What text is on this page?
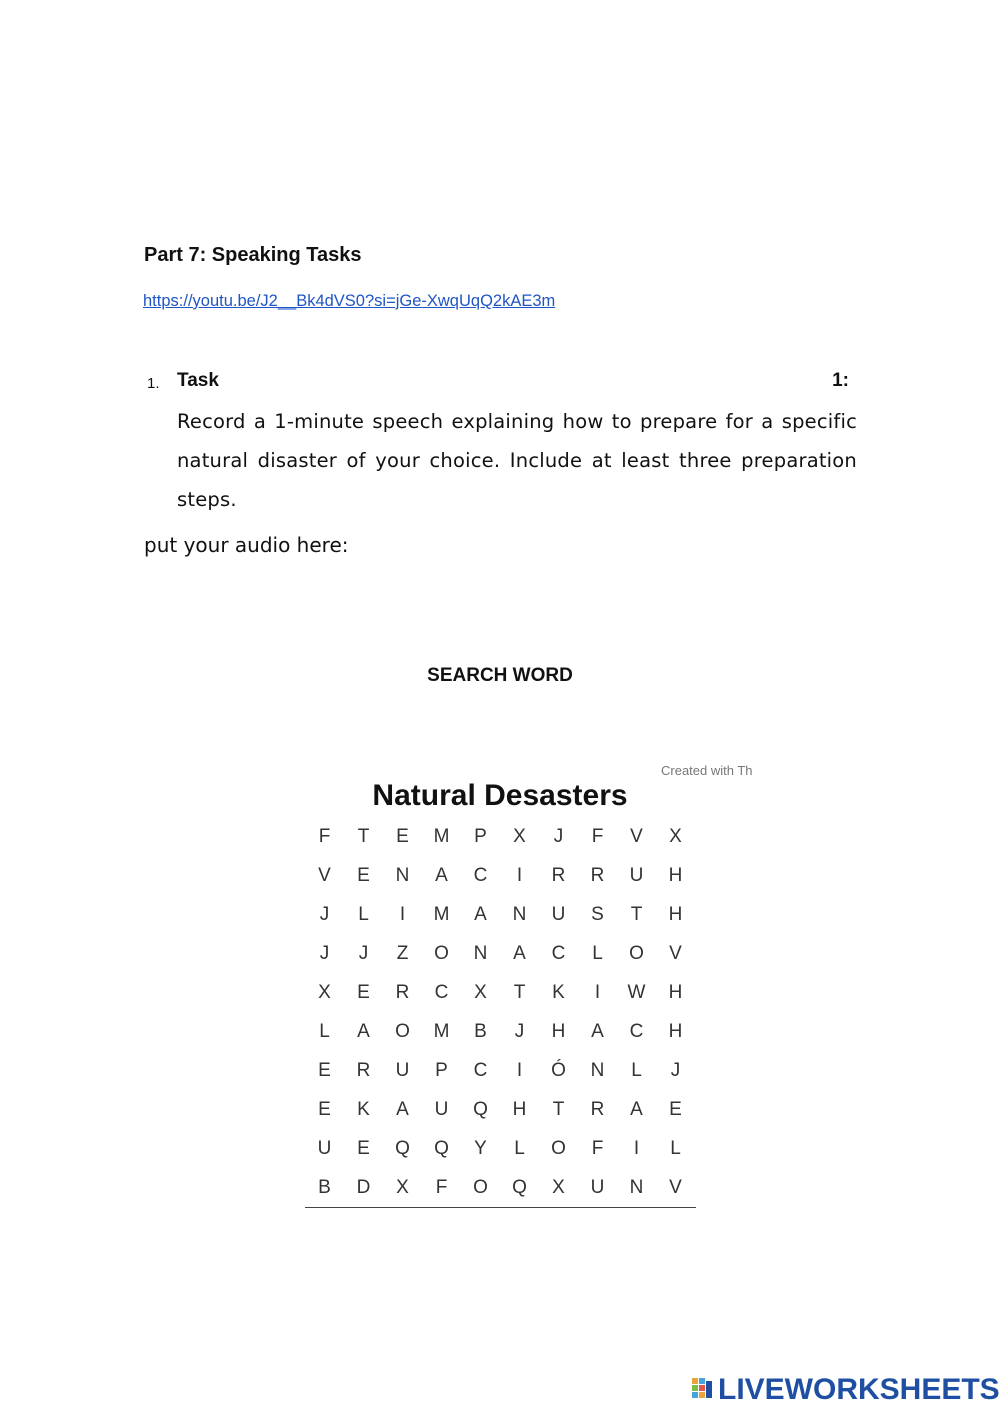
Part 7: Speaking Tasks
https://youtu.be/J2__Bk4dVS0?si=jGe-XwqUqQ2kAE3m
1. Task	1:
Record a 1-minute speech explaining how to prepare for a specific natural disaster of your choice. Include at least three preparation steps.
put your audio here:
SEARCH WORD
Created with Th
Natural Desasters
F	T	E	M	P	X	J	F	V	X
V	E	N	A	C	I	R	R	U	H
J	L	I	M	A	N	U	S	T	H
J	J	Z	O	N	A	C	L	O	V
X	E	R	C	X	T	K	I	W	H
L	A	O	M	B	J	H	A	C	H
E	R	U	P	C	I	Ó	N	L	J
E	K	A	U	Q	H	T	R	A	E
U	E	Q	Q	Y	L	O	F	I	L
B	D	X	F	O	Q	X	U	N	V
LIVEWORKSHEETS
